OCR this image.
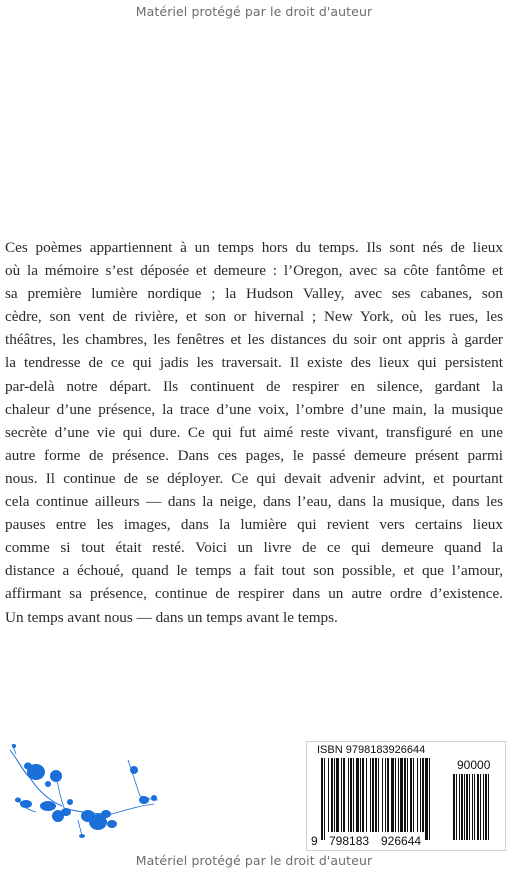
Matériel protégé par le droit d'auteur
Ces poèmes appartiennent à un temps hors du temps. Ils sont nés de lieux
où la mémoire s’est déposée et demeure : l’Oregon, avec sa côte fantôme et
sa première lumière nordique ; la Hudson Valley, avec ses cabanes, son
cèdre, son vent de rivière, et son or hivernal ; New York, où les rues, les
théâtres, les chambres, les fenêtres et les distances du soir ont appris à garder
la tendresse de ce qui jadis les traversait. Il existe des lieux qui persistent
par-delà notre départ. Ils continuent de respirer en silence, gardant la
chaleur d’une présence, la trace d’une voix, l’ombre d’une main, la musique
secrète d’une vie qui dure. Ce qui fut aimé reste vivant, transfiguré en une
autre forme de présence. Dans ces pages, le passé demeure présent parmi
nous. Il continue de se déployer. Ce qui devait advenir advint, et pourtant
cela continue ailleurs — dans la neige, dans l’eau, dans la musique, dans les
pauses entre les images, dans la lumière qui revient vers certains lieux
comme si tout était resté. Voici un livre de ce qui demeure quand la
distance a échoué, quand le temps a fait tout son possible, et que l’amour,
affirmant sa présence, continue de respirer dans un autre ordre d’existence.
Un temps avant nous — dans un temps avant le temps.
ISBN 9798183926644
90000
9 798183 926644
Matériel protégé par le droit d'auteur
